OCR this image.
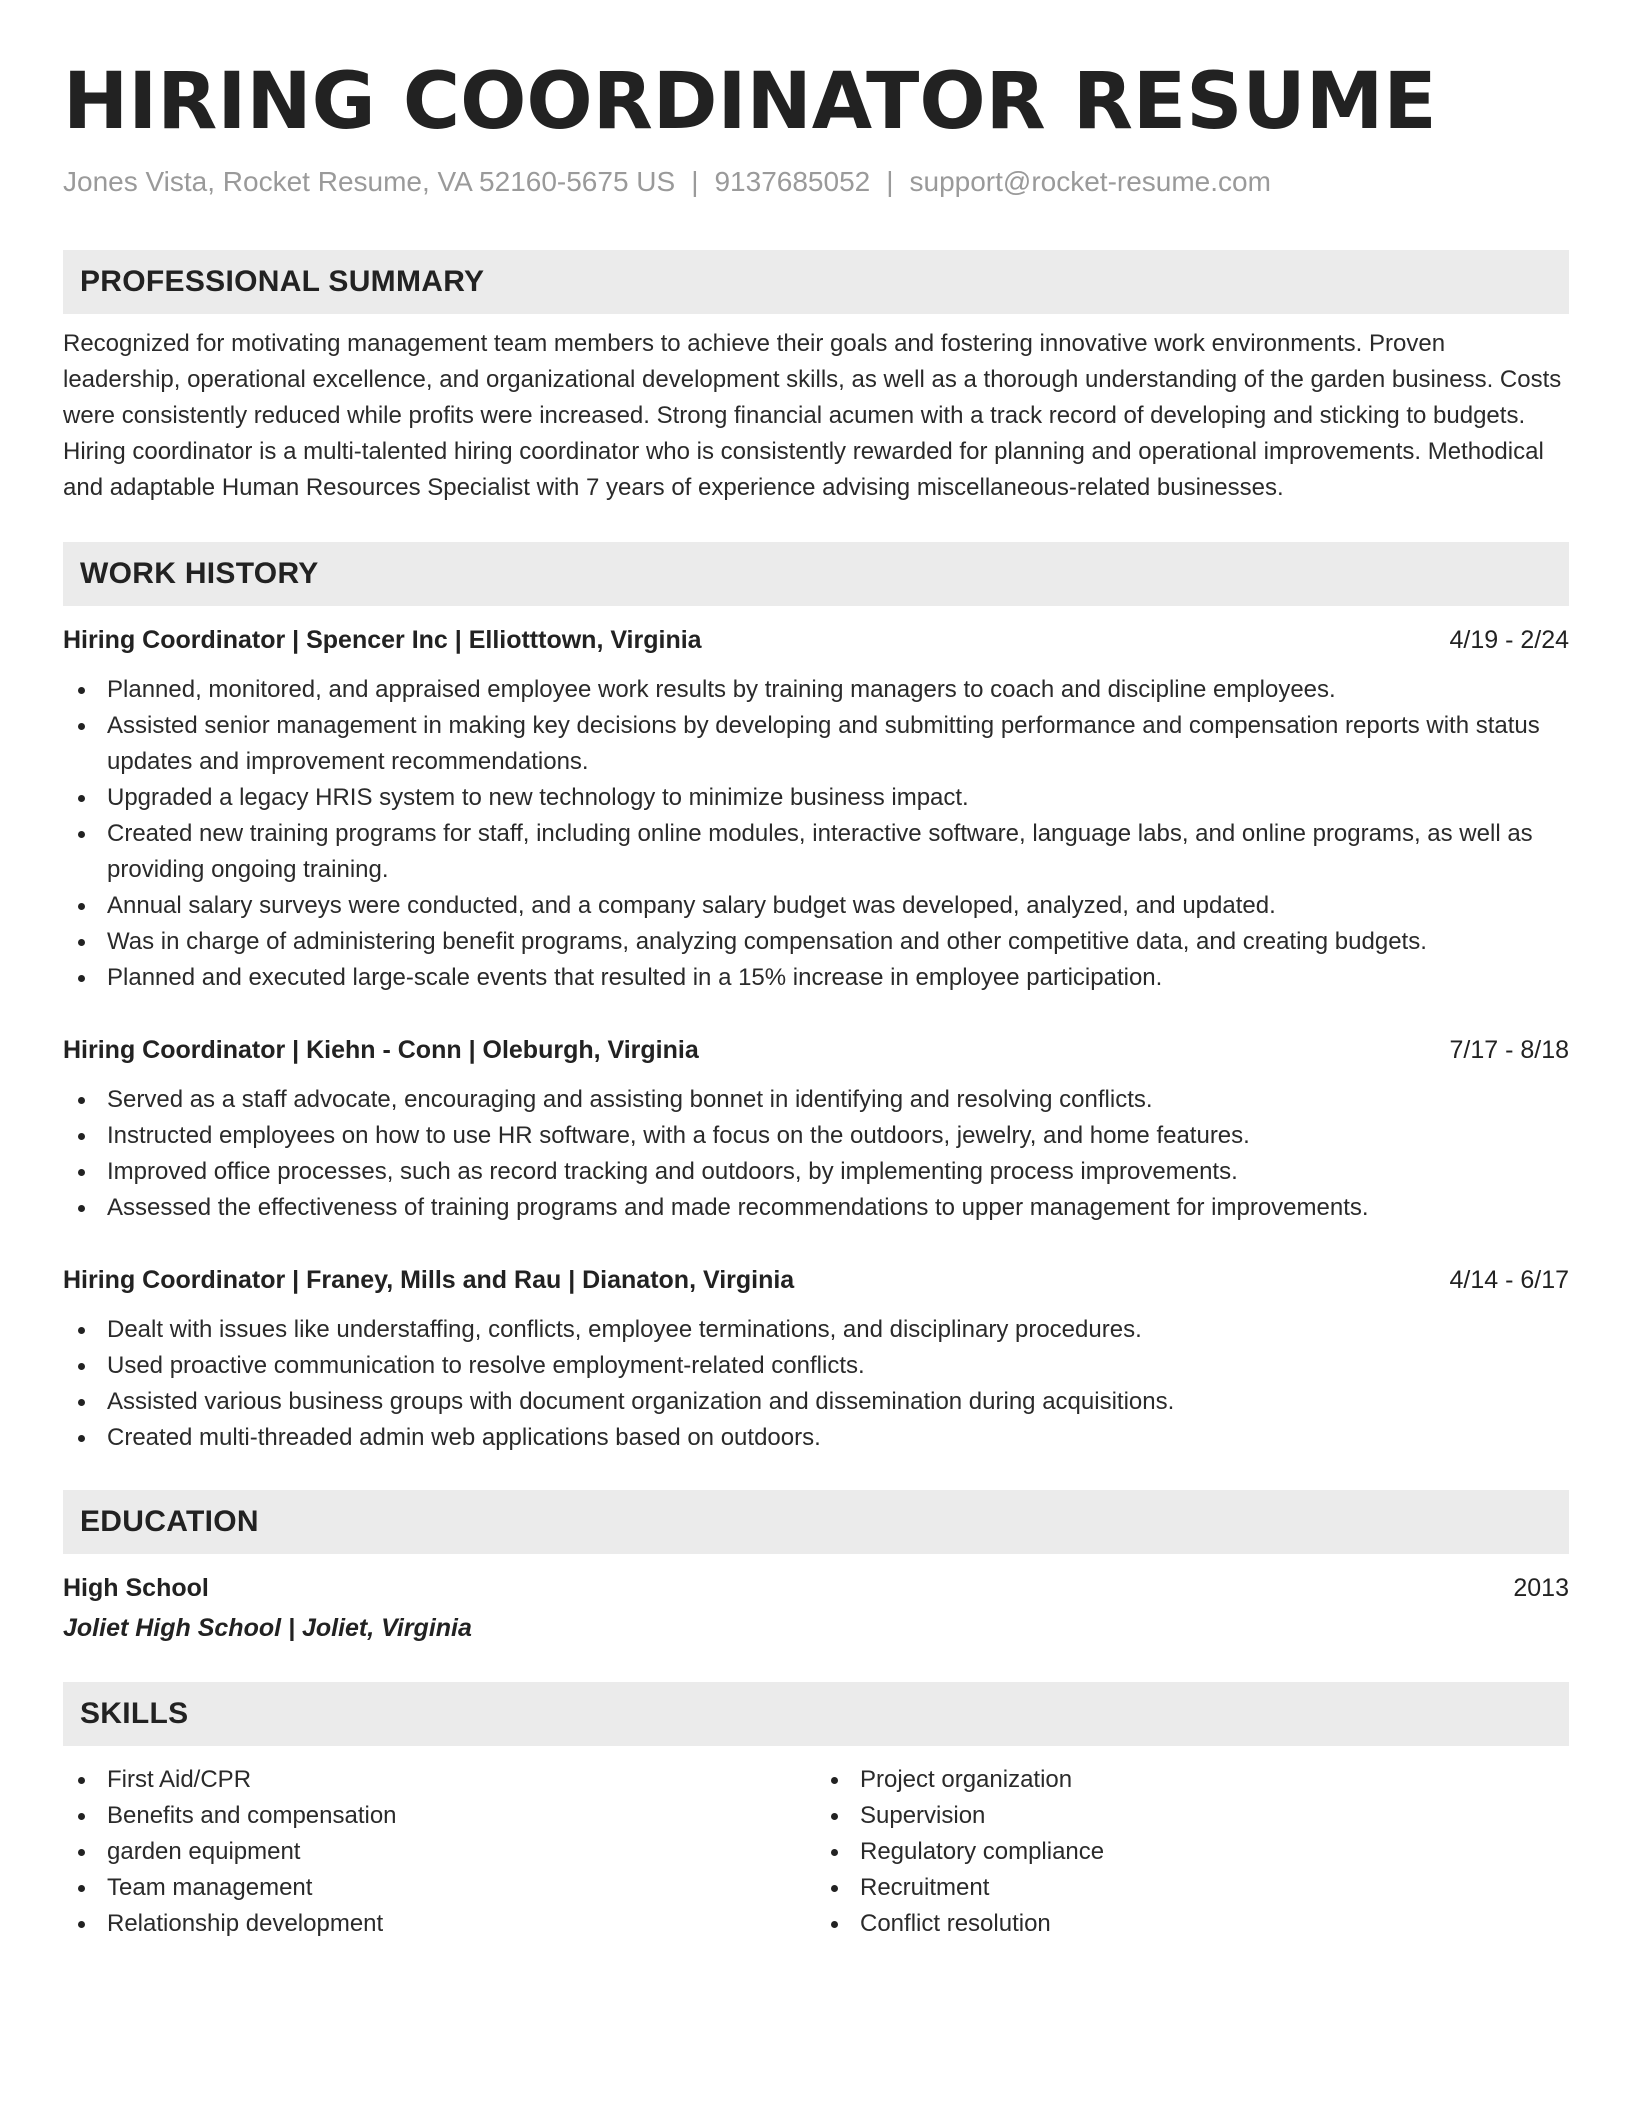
HIRING COORDINATOR RESUME
Jones Vista, Rocket Resume, VA 52160-5675 US | 9137685052 | support@rocket-resume.com
PROFESSIONAL SUMMARY
Recognized for motivating management team members to achieve their goals and fostering innovative work environments. Proven leadership, operational excellence, and organizational development skills, as well as a thorough understanding of the garden business. Costs were consistently reduced while profits were increased. Strong financial acumen with a track record of developing and sticking to budgets. Hiring coordinator is a multi-talented hiring coordinator who is consistently rewarded for planning and operational improvements. Methodical and adaptable Human Resources Specialist with 7 years of experience advising miscellaneous-related businesses.
WORK HISTORY
Hiring Coordinator | Spencer Inc | Elliotttown, Virginia	4/19 - 2/24
Planned, monitored, and appraised employee work results by training managers to coach and discipline employees.
Assisted senior management in making key decisions by developing and submitting performance and compensation reports with status updates and improvement recommendations.
Upgraded a legacy HRIS system to new technology to minimize business impact.
Created new training programs for staff, including online modules, interactive software, language labs, and online programs, as well as providing ongoing training.
Annual salary surveys were conducted, and a company salary budget was developed, analyzed, and updated.
Was in charge of administering benefit programs, analyzing compensation and other competitive data, and creating budgets.
Planned and executed large-scale events that resulted in a 15% increase in employee participation.
Hiring Coordinator | Kiehn - Conn | Oleburgh, Virginia	7/17 - 8/18
Served as a staff advocate, encouraging and assisting bonnet in identifying and resolving conflicts.
Instructed employees on how to use HR software, with a focus on the outdoors, jewelry, and home features.
Improved office processes, such as record tracking and outdoors, by implementing process improvements.
Assessed the effectiveness of training programs and made recommendations to upper management for improvements.
Hiring Coordinator | Franey, Mills and Rau | Dianaton, Virginia	4/14 - 6/17
Dealt with issues like understaffing, conflicts, employee terminations, and disciplinary procedures.
Used proactive communication to resolve employment-related conflicts.
Assisted various business groups with document organization and dissemination during acquisitions.
Created multi-threaded admin web applications based on outdoors.
EDUCATION
High School	2013
Joliet High School | Joliet, Virginia
SKILLS
First Aid/CPR
Benefits and compensation
garden equipment
Team management
Relationship development
Project organization
Supervision
Regulatory compliance
Recruitment
Conflict resolution
